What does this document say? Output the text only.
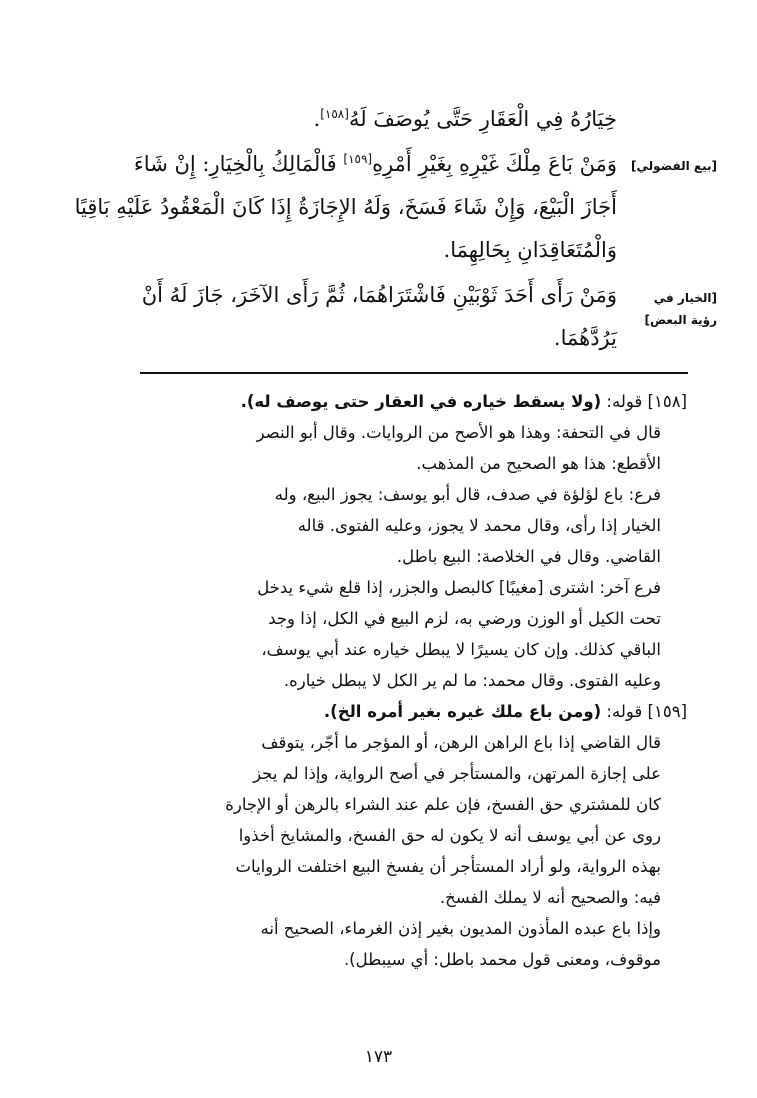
[بيع الفضولي]
[الخيار في
رؤية البعض]

خِيَارُهُ فِي الْعَقَارِ حَتَّى يُوصَفَ لَهُ[١٥٨].

وَمَنْ بَاعَ مِلْكَ غَيْرِهِ بِغَيْرِ أَمْرِهِ[١٥٩] فَالْمَالِكُ بِالْخِيَارِ: إِنْ شَاءَ
أَجَازَ الْبَيْعَ، وَإِنْ شَاءَ فَسَخَ، وَلَهُ الإِجَازَةُ إِذَا كَانَ الْمَعْقُودُ عَلَيْهِ بَاقِيًا
وَالْمُتَعَاقِدَانِ بِحَالِهِمَا.

وَمَنْ رَأَى أَحَدَ ثَوْبَيْنِ فَاشْتَرَاهُمَا، ثُمَّ رَأَى الآخَرَ، جَازَ لَهُ أَنْ
يَرُدَّهُمَا.

[١٥٨] قوله: (ولا يسقط خياره في العقار حتى يوصف له).
قال في التحفة: وهذا هو الأصح من الروايات. وقال أبو النصر
الأقطع: هذا هو الصحيح من المذهب.
فرع: باع لؤلؤة في صدف، قال أبو يوسف: يجوز البيع، وله
الخيار إذا رأى، وقال محمد لا يجوز، وعليه الفتوى. قاله
القاضي. وقال في الخلاصة: البيع باطل.
فرع آخر: اشترى [مغيبًا] كالبصل والجزر، إذا قلع شيء يدخل
تحت الكيل أو الوزن ورضي به، لزم البيع في الكل، إذا وجد
الباقي كذلك. وإن كان يسيرًا لا يبطل خياره عند أبي يوسف،
وعليه الفتوى. وقال محمد: ما لم ير الكل لا يبطل خياره.
[١٥٩] قوله: (ومن باع ملك غيره بغير أمره الخ).
قال القاضي إذا باع الراهن الرهن، أو المؤجر ما أجّر، يتوقف
على إجازة المرتهن، والمستأجر في أصح الرواية، وإذا لم يجز
كان للمشتري حق الفسخ، فإن علم عند الشراء بالرهن أو الإجارة
روى عن أبي يوسف أنه لا يكون له حق الفسخ، والمشايخ أخذوا
بهذه الرواية، ولو أراد المستأجر أن يفسخ البيع اختلفت الروايات
فيه: والصحيح أنه لا يملك الفسخ.
وإذا باع عبده المأذون المديون بغير إذن الغرماء، الصحيح أنه
موقوف، ومعنى قول محمد باطل: أي سيبطل).
١٧٣
